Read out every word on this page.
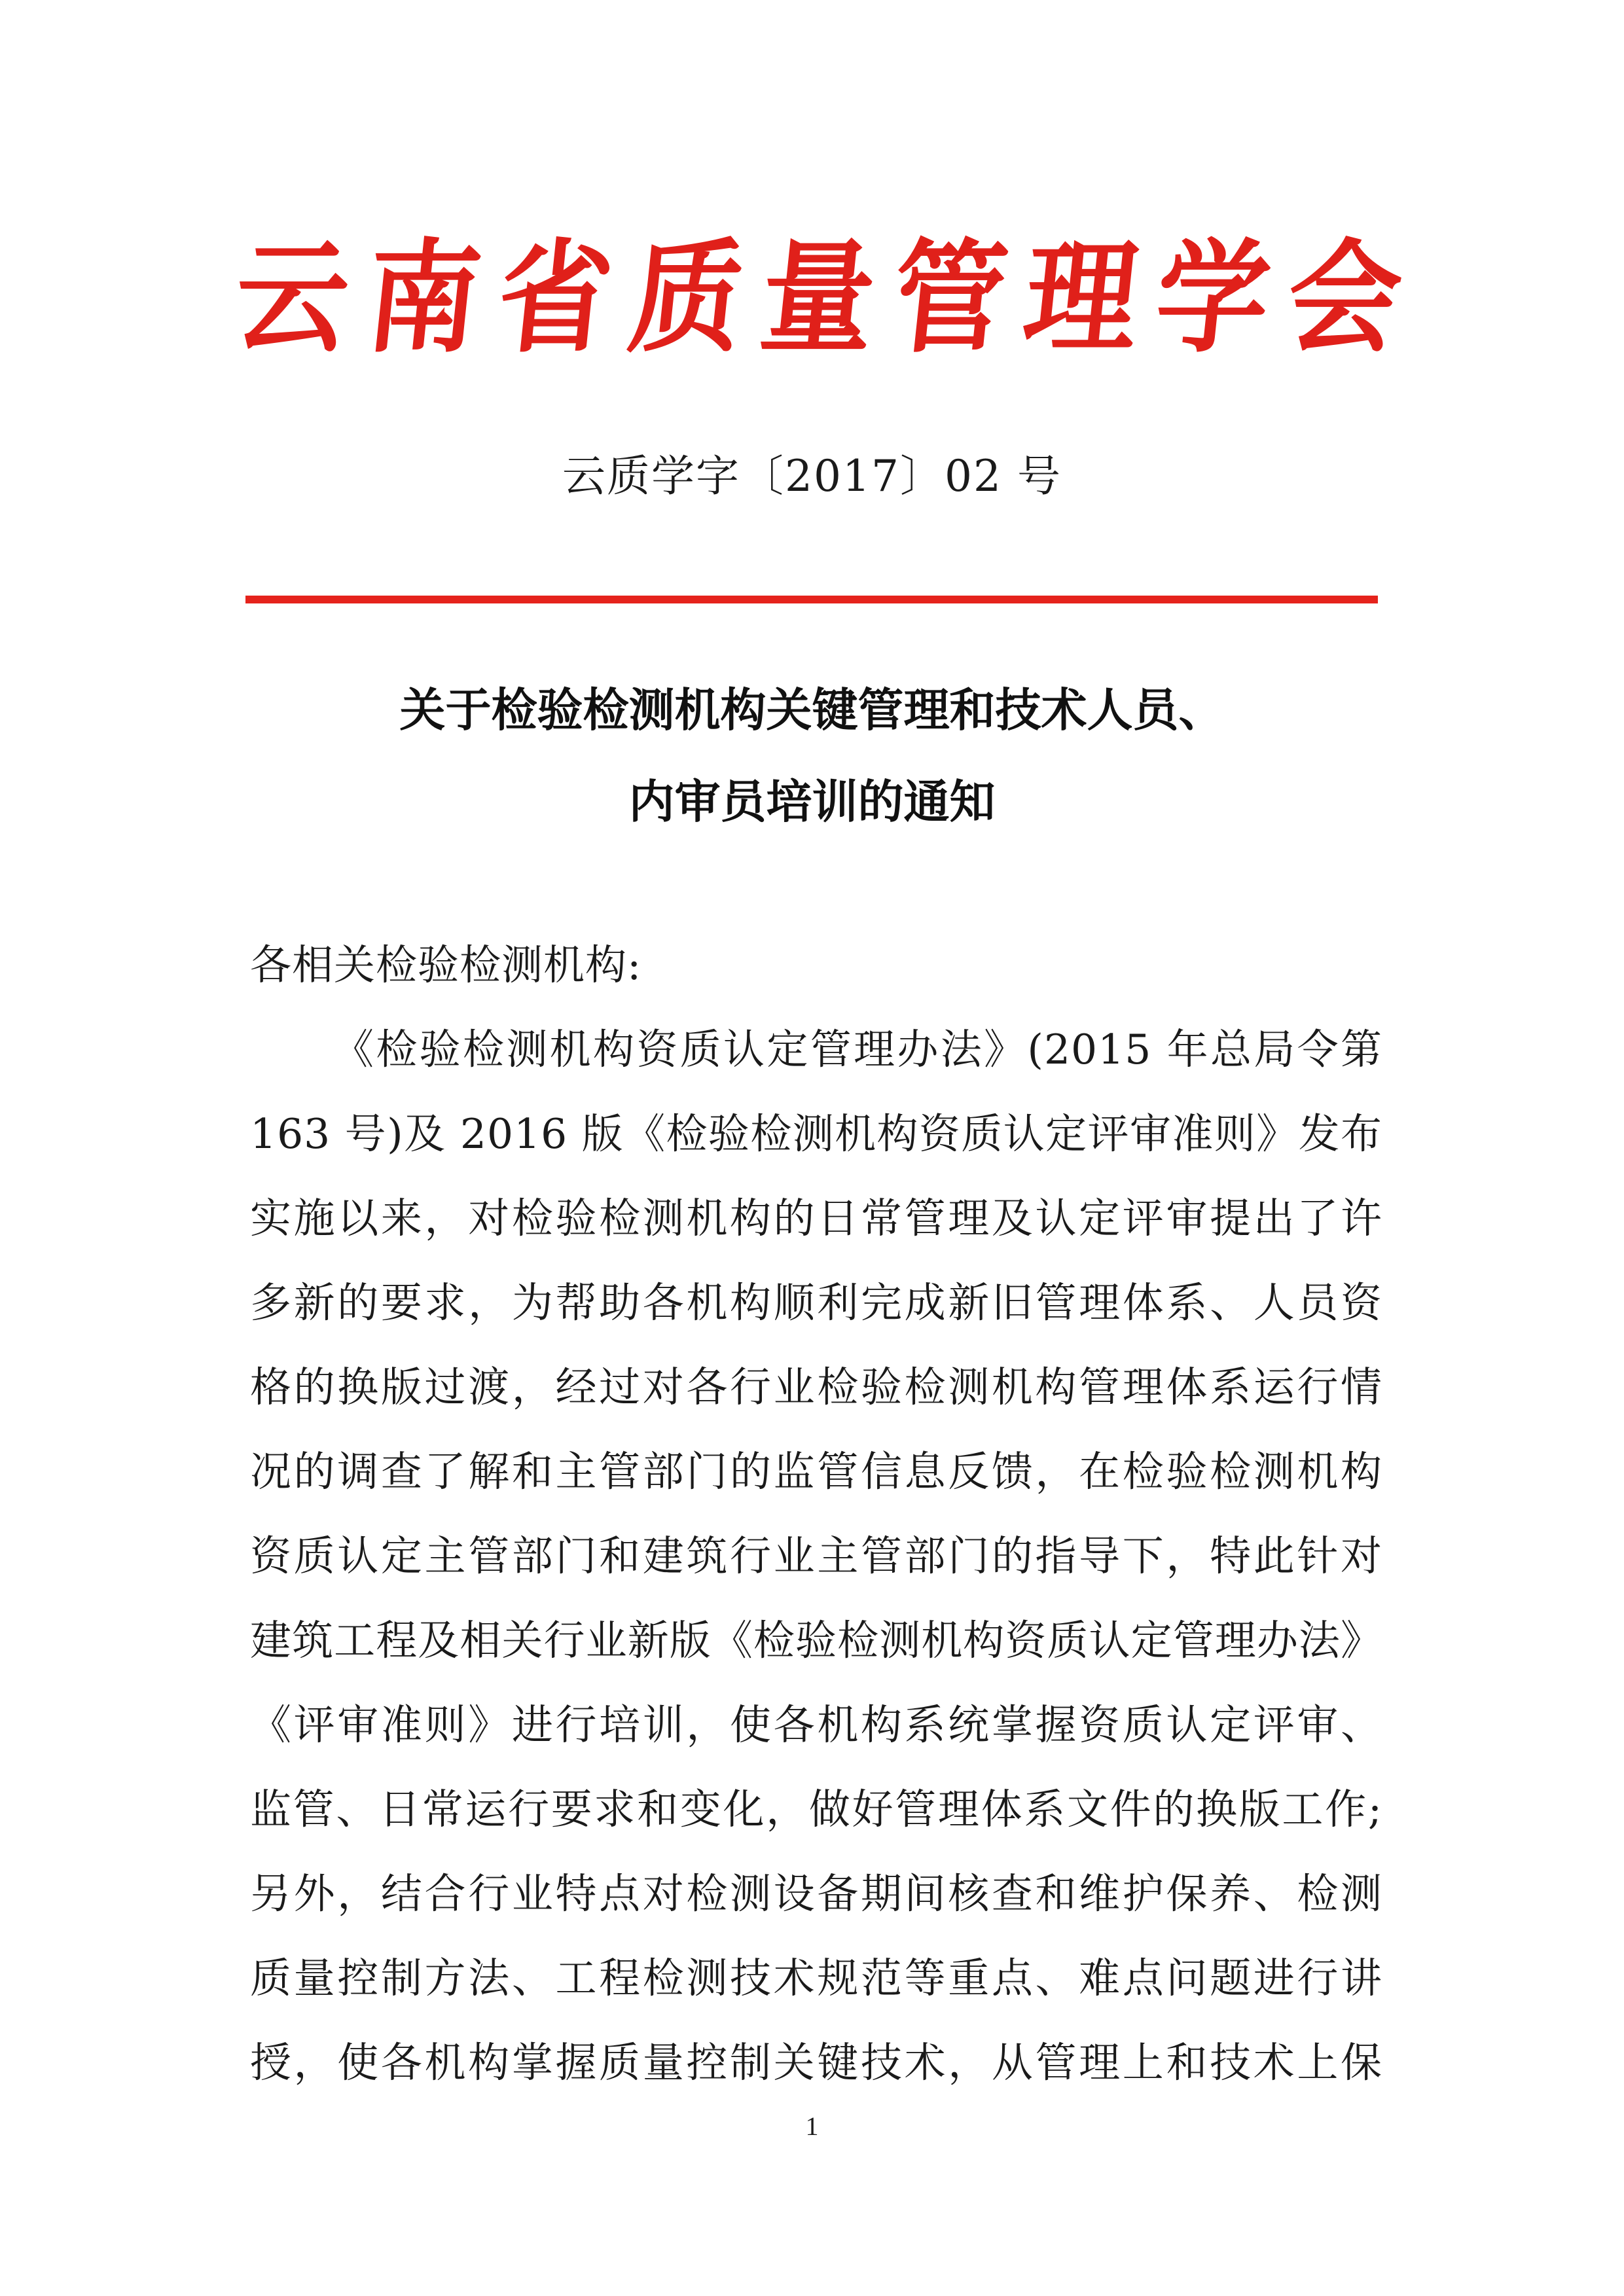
云 南 省 质 量 管 理 学 会
云质学字〔2017〕02 号
关于检验检测机构关键管理和技术人员、
内审员培训的通知
各相关检验检测机构:
《检验检测机构资质认定管理办法》(2015 年总局令第
163 号)及 2016 版《检验检测机构资质认定评审准则》发布
实施以来，对检验检测机构的日常管理及认定评审提出了许
多新的要求，为帮助各机构顺利完成新旧管理体系、人员资
格的换版过渡，经过对各行业检验检测机构管理体系运行情
况的调查了解和主管部门的监管信息反馈，在检验检测机构
资质认定主管部门和建筑行业主管部门的指导下，特此针对
建筑工程及相关行业新版《检验检测机构资质认定管理办法》
《评审准则》进行培训，使各机构系统掌握资质认定评审、
监管、日常运行要求和变化，做好管理体系文件的换版工作;
另外，结合行业特点对检测设备期间核查和维护保养、检测
质量控制方法、工程检测技术规范等重点、难点问题进行讲
授，使各机构掌握质量控制关键技术，从管理上和技术上保
1
